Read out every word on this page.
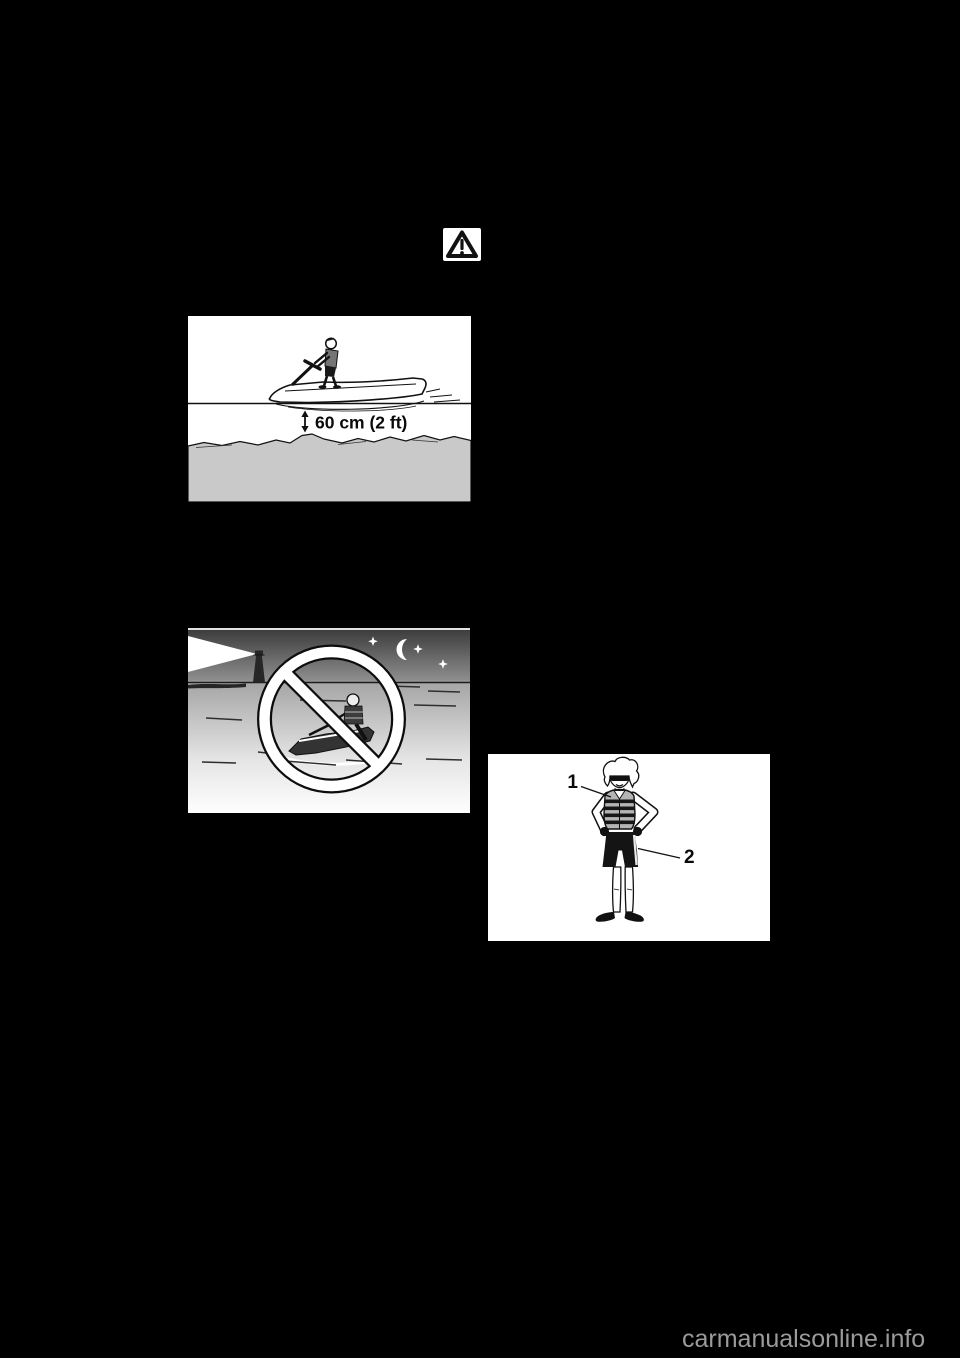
60 cm (2 ft)
1
2
carmanualsonline.info
